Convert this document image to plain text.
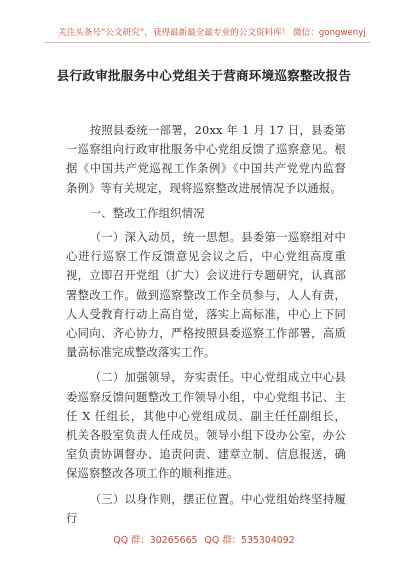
关注头条号“公文研究”，获得最新最全最专业的公文资料库！ 微信：gongwenyj
县行政审批服务中心党组关于营商环境巡察整改报告

按照县委统一部署，20xx 年 1 月 17 日，县委第一巡察组向行政审批服务中心党组反馈了巡察意见。根据《中国共产党巡视工作条例》《中国共产党党内监督条例》等有关规定，现将巡察整改进展情况予以通报。

一、整改工作组织情况

（一）深入动员，统一思想。县委第一巡察组对中心进行巡察工作反馈意见会议之后，中心党组高度重视，立即召开党组（扩大）会议进行专题研究，认真部署整改工作。做到巡察整改工作全员参与，人人有责，人人受教育行动上高自觉，落实上高标准，中心上下同心同向、齐心协力，严格按照县委巡察工作部署，高质量高标准完成整改落实工作。

（二）加强领导，夯实责任。中心党组成立中心县委巡察反馈问题整改工作领导小组，中心党组书记、主任 X 任组长，其他中心党组成员、副主任任副组长，机关各股室负责人任成员。领导小组下设办公室，办公室负责协调督办、追责问责、建章立制、信息报送，确保巡察整改各项工作的顺利推进。

（三）以身作则，摆正位置。中心党组始终坚持履行

QQ 群：30265665 QQ 群：535304092
